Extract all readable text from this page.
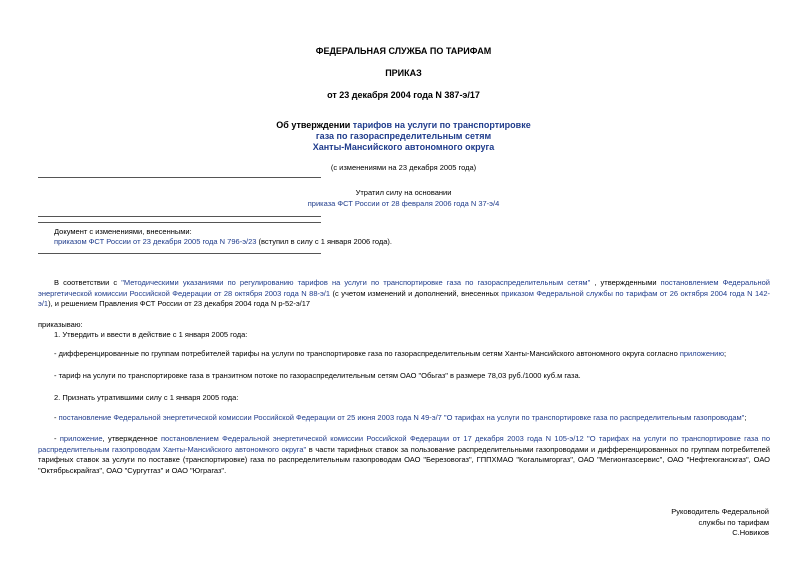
ФЕДЕРАЛЬНАЯ СЛУЖБА ПО ТАРИФАМ
ПРИКАЗ
от 23 декабря 2004 года N 387-э/17
Об утверждении тарифов на услуги по транспортировке
газа по газораспределительным сетям
Ханты-Мансийского автономного округа
(с изменениями на 23 декабря 2005 года)
Утратил силу на основании
приказа ФСТ России от 28 февраля 2006 года N 37-э/4
Документ с изменениями, внесенными:
приказом ФСТ России от 23 декабря 2005 года N 796-э/23 (вступил в силу с 1 января 2006 года).
В соответствии с "Методическими указаниями по регулированию тарифов на услуги по транспортировке газа по газораспределительным сетям" , утвержденными постановлением Федеральной энергетической комиссии Российской Федерации от 28 октября 2003 года N 88-э/1 (с учетом изменений и дополнений, внесенных приказом Федеральной службы по тарифам от 26 октября 2004 года N 142-э/1), и решением Правления ФСТ России от 23 декабря 2004 года N р-52-э/17
приказываю:
1. Утвердить и ввести в действие с 1 января 2005 года:
- дифференцированные по группам потребителей тарифы на услуги по транспортировке газа по газораспределительным сетям Ханты-Мансийского автономного округа согласно приложению;
- тариф на услуги по транспортировке газа в транзитном потоке по газораспределительным сетям ОАО "Обьгаз" в размере 78,03 руб./1000 куб.м газа.
2. Признать утратившими силу с 1 января 2005 года:
- постановление Федеральной энергетической комиссии Российской Федерации от 25 июня 2003 года N 49-э/7 "О тарифах на услуги по транспортировке газа по распределительным газопроводам";
- приложение, утвержденное постановлением Федеральной энергетической комиссии Российской Федерации от 17 декабря 2003 года N 105-э/12 "О тарифах на услуги по транспортировке газа по распределительным газопроводам Ханты-Мансийского автономного округа" в части тарифных ставок за пользование распределительными газопроводами и дифференцированных по группам потребителей тарифных ставок за услуги по поставке (транспортировке) газа по распределительным газопроводам ОАО "Березовогаз", ГППХМАО "Когалымгоргаз", ОАО "Мегионгазсервис", ОАО "Нефтеюганскгаз", ОАО "Октябрьскрайгаз", ОАО "Сургутгаз" и ОАО "Юграгаз".
Руководитель Федеральной
службы по тарифам
С.Новиков
